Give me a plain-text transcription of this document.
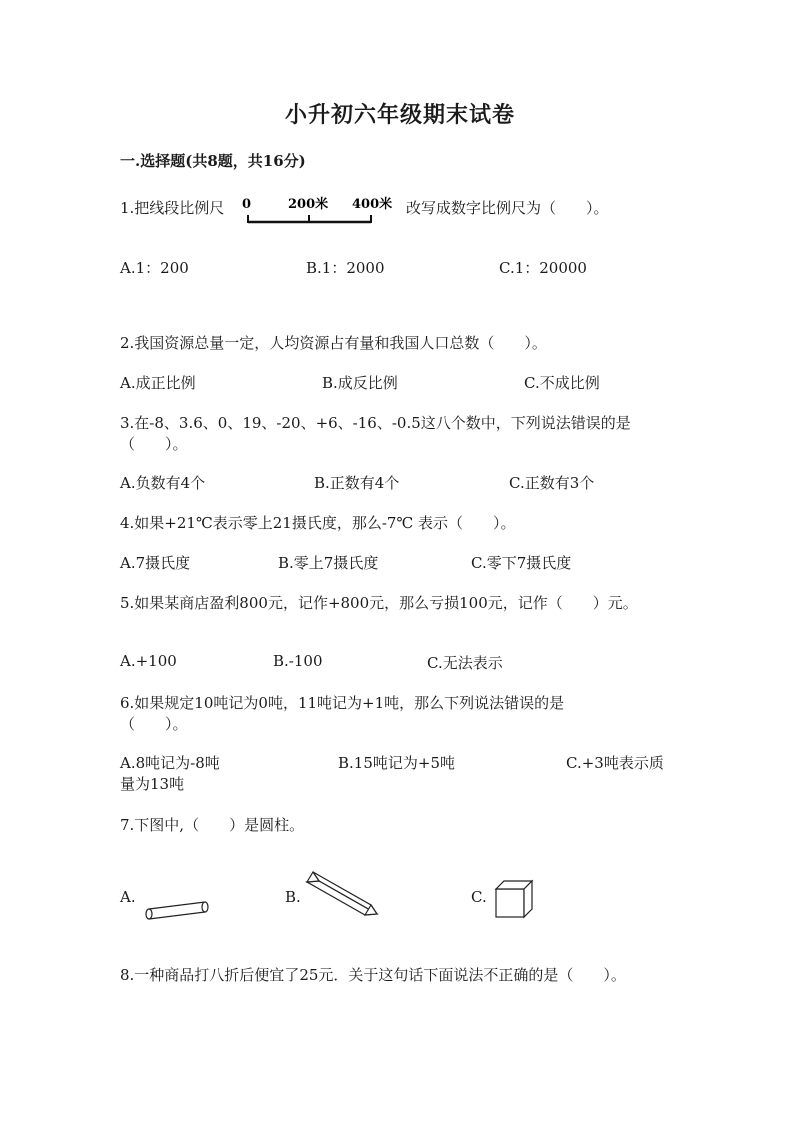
小升初六年级期末试卷
一.选择题(共8题，共16分)
1.把线段比例尺 0	200米 400米 改写成数字比例尺为（　　）。
A.1：200	B.1：2000	C.1：20000
2.我国资源总量一定，人均资源占有量和我国人口总数（　　）。
A.成正比例	B.成反比例	C.不成比例
3.在-8、3.6、0、19、-20、+6、-16、-0.5这八个数中，下列说法错误的是
（　　）。
A.负数有4个	B.正数有4个	C.正数有3个
4.如果+21℃表示零上21摄氏度，那么-7℃ 表示（　　）。
A.7摄氏度	B.零上7摄氏度	C.零下7摄氏度
5.如果某商店盈利800元，记作+800元，那么亏损100元，记作（　　）元。
A.+100	B.-100	C.无法表示
6.如果规定10吨记为0吨，11吨记为+1吨，那么下列说法错误的是
（　　）。
A.8吨记为-8吨	B.15吨记为+5吨	C.+3吨表示质
量为13吨
7.下图中,（　　）是圆柱。
A.	B.	C.
8.一种商品打八折后便宜了25元．关于这句话下面说法不正确的是（　　）。
